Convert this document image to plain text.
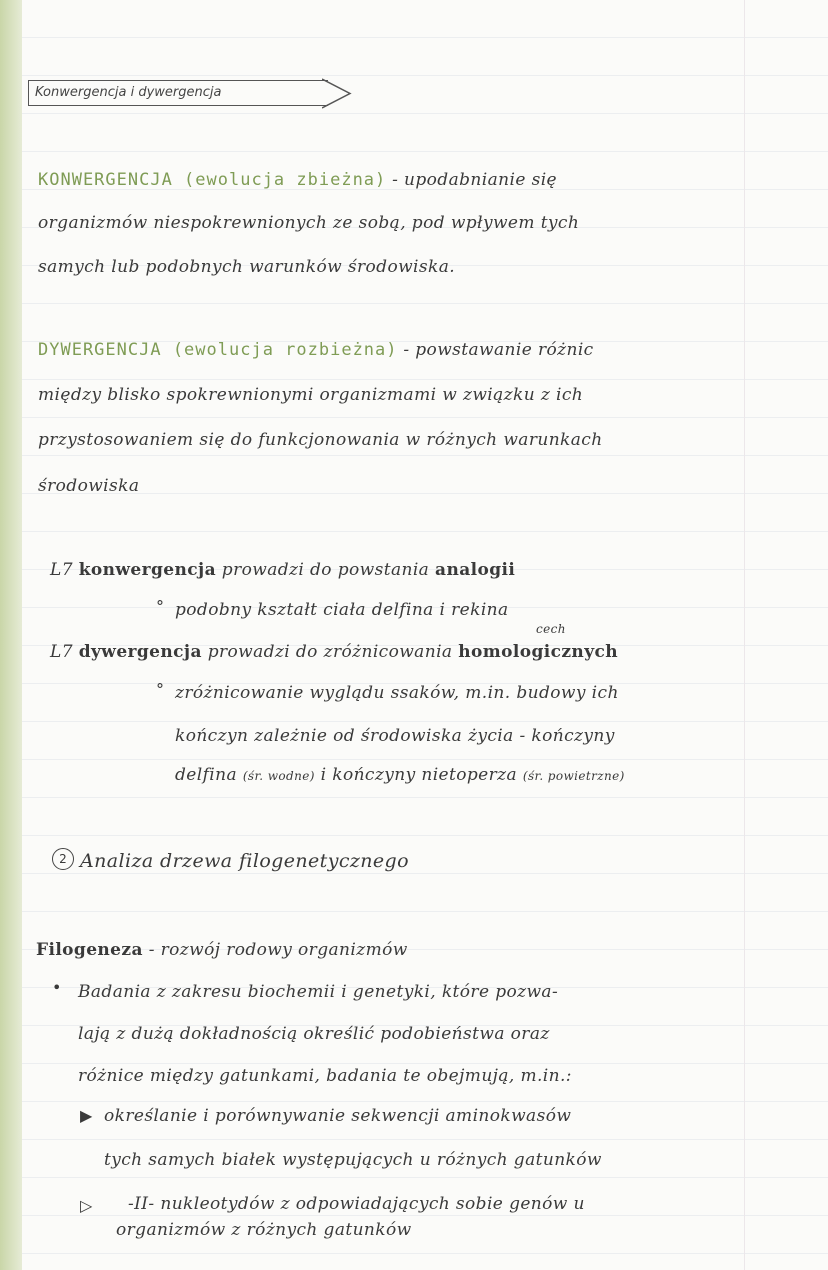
Konwergencja i dywergencja
KONWERGENCJA (ewolucja zbieżna) - upodabnianie się
organizmów niespokrewnionych ze sobą, pod wpływem tych
samych lub podobnych warunków środowiska.
DYWERGENCJA (ewolucja rozbieżna) - powstawanie różnic
między blisko spokrewnionymi organizmami w związku z ich
przystosowaniem się do funkcjonowania w różnych warunkach
środowiska
L7 konwergencja prowadzi do powstania analogii
° podobny kształt ciała delfina i rekina
cech
L7 dywergencja prowadzi do zróżnicowania homologicznych
° zróżnicowanie wyglądu ssaków, m.in. budowy ich
kończyn zależnie od środowiska życia - kończyny
delfina (śr. wodne) i kończyny nietoperza (śr. powietrzne)
2 Analiza drzewa filogenetycznego
Filogeneza - rozwój rodowy organizmów
• Badania z zakresu biochemii i genetyki, które pozwa-
lają z dużą dokładnością określić podobieństwa oraz
różnice między gatunkami, badania te obejmują, m.in.:
▶ określanie i porównywanie sekwencji aminokwasów
tych samych białek występujących u różnych gatunków
▷ -II- nukleotydów z odpowiadających sobie genów u
organizmów z różnych gatunków
